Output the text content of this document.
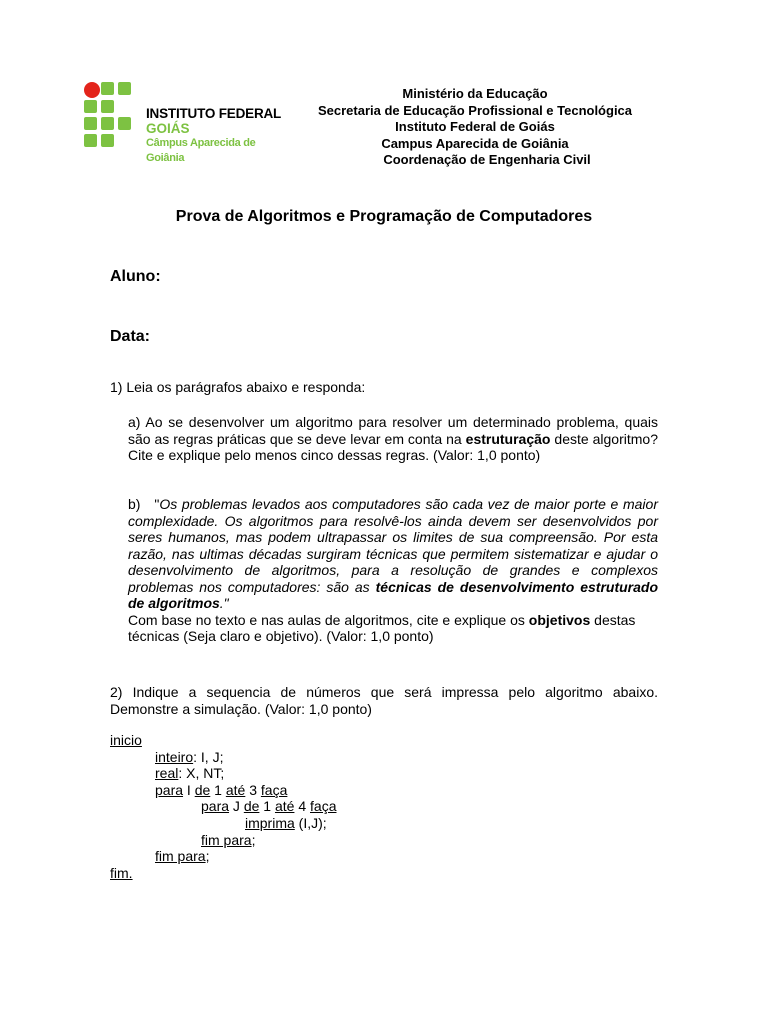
INSTITUTO FEDERAL
GOIÁS
Câmpus Aparecida de Goiânia
Ministério da Educação
Secretaria de Educação Profissional e Tecnológica
Instituto Federal de Goiás
Campus Aparecida de Goiânia
Coordenação de Engenharia Civil
Prova de Algoritmos e Programação de Computadores
Aluno:
Data:
1) Leia os parágrafos abaixo e responda:
a) Ao se desenvolver um algoritmo para resolver um determinado problema, quais são as regras práticas que se deve levar em conta na estruturação deste algoritmo? Cite e explique pelo menos cinco dessas regras. (Valor: 1,0 ponto)
b) "Os problemas levados aos computadores são cada vez de maior porte e maior complexidade. Os algoritmos para resolvê-los ainda devem ser desenvolvidos por seres humanos, mas podem ultrapassar os limites de sua compreensão. Por esta razão, nas ultimas décadas surgiram técnicas que permitem sistematizar e ajudar o desenvolvimento de algoritmos, para a resolução de grandes e complexos problemas nos computadores: são as técnicas de desenvolvimento estruturado de algoritmos."
Com base no texto e nas aulas de algoritmos, cite e explique os objetivos destas técnicas (Seja claro e objetivo). (Valor: 1,0 ponto)
2) Indique a sequencia de números que será impressa pelo algoritmo abaixo. Demonstre a simulação. (Valor: 1,0 ponto)
inicio
inteiro: I, J;
real: X, NT;
para I de 1 até 3 faça
para J de 1 até 4 faça
imprima (I,J);
fim para;
fim para;
fim.
